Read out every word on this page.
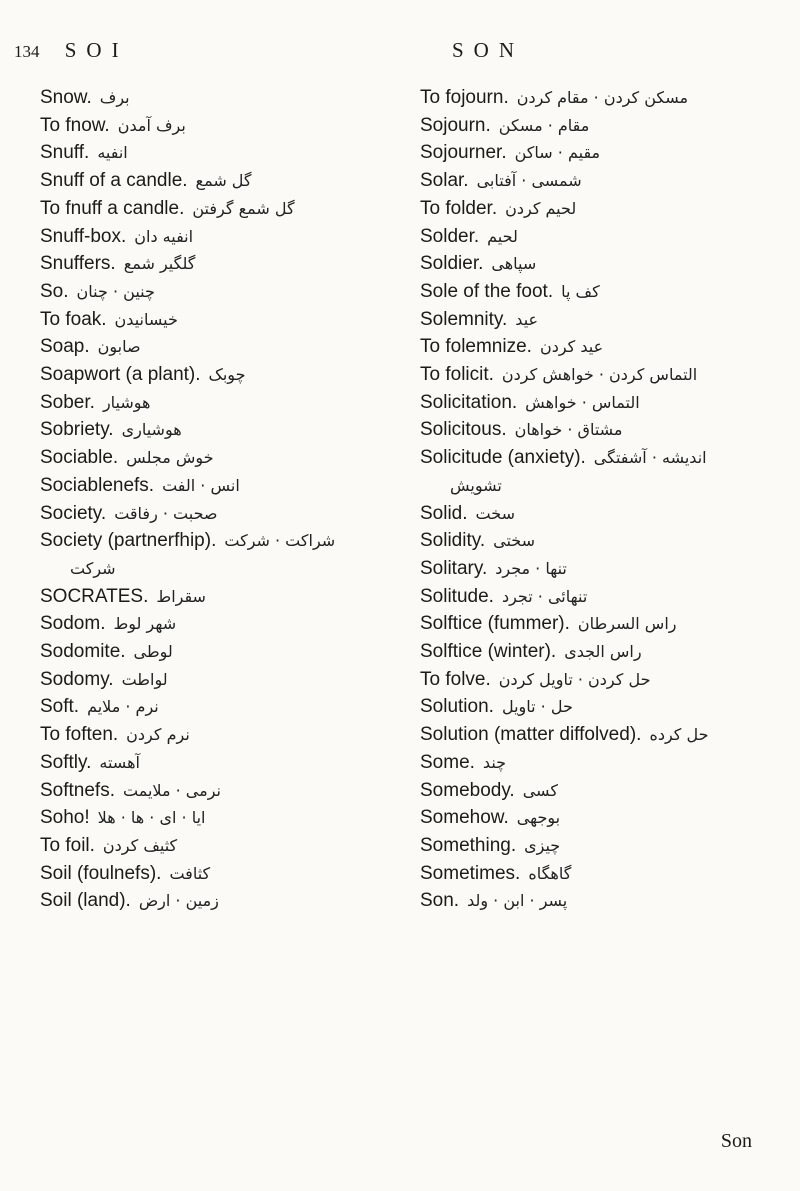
134 SOI	SON
Snow. برف
To fnow. برف آمدن
Snuff. انفیه
Snuff of a candle. گل شمع
To fnuff a candle. گل شمع گرفتن
Snuff-box. انفیه دان
Snuffers. گلگیر شمع
So. چنین · چنان
To foak. خیسانیدن
Soap. صابون
Soapwort (a plant). چوبک
Sober. هوشیار
Sobriety. هوشیاری
Sociable. خوش مجلس
Sociablenefs. انس · الفت
Society. صحبت · رفاقت
Society (partnerfhip). شراکت · شرکت
شرکت
SOCRATES. سقراط
Sodom. شهر لوط
Sodomite. لوطی
Sodomy. لواطت
Soft. نرم · ملایم
To foften. نرم کردن
Softly. آهسته
Softnefs. نرمی · ملایمت
Soho! ایا · ای · ها · هلا
To foil. کثیف کردن
Soil (foulnefs). کثافت
Soil (land). زمین · ارض
To fojourn. مسکن کردن · مقام کردن
Sojourn. مقام · مسکن
Sojourner. مقیم · ساکن
Solar. شمسی · آفتابی
To folder. لحیم کردن
Solder. لحیم
Soldier. سپاهی
Sole of the foot. کف پا
Solemnity. عید
To folemnize. عید کردن
To folicit. التماس کردن · خواهش کردن
Solicitation. التماس · خواهش
Solicitous. مشتاق · خواهان
Solicitude (anxiety). اندیشه · آشفتگی
تشویش
Solid. سخت
Solidity. سختی
Solitary. تنها · مجرد
Solitude. تنهائی · تجرد
Solftice (fummer). راس السرطان
Solftice (winter). راس الجدی
To folve. حل کردن · تاویل کردن
Solution. حل · تاویل
Solution (matter diffolved). حل کرده
Some. چند
Somebody. کسی
Somehow. بوجهی
Something. چیزی
Sometimes. گاهگاه
Son. پسر · ابن · ولد
Son
